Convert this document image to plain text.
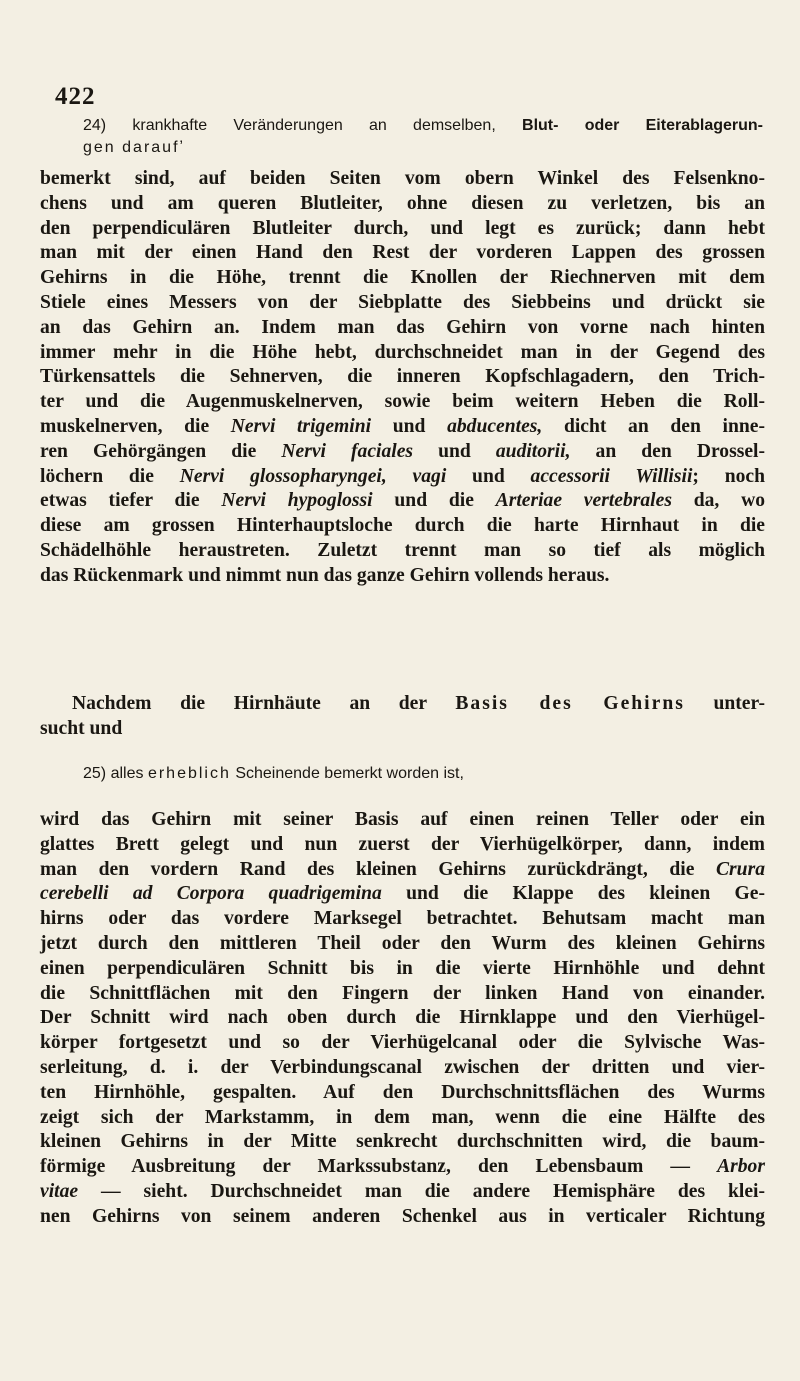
422
24) krankhafte Veränderungen an demselben, Blut- oder Eiterablagerun-
gen daraufʼ
bemerkt sind, auf beiden Seiten vom obern Winkel des Felsenkno-
chens und am queren Blutleiter, ohne diesen zu verletzen, bis an
den perpendiculären Blutleiter durch, und legt es zurück; dann hebt
man mit der einen Hand den Rest der vorderen Lappen des grossen
Gehirns in die Höhe, trennt die Knollen der Riechnerven mit dem
Stiele eines Messers von der Siebplatte des Siebbeins und drückt sie
an das Gehirn an. Indem man das Gehirn von vorne nach hinten
immer mehr in die Höhe hebt, durchschneidet man in der Gegend des
Türkensattels die Sehnerven, die inneren Kopfschlagadern, den Trich-
ter und die Augenmuskelnerven, sowie beim weitern Heben die Roll-
muskelnerven, die Nervi trigemini und abducentes, dicht an den inne-
ren Gehörgängen die Nervi faciales und auditorii, an den Drossel-
löchern die Nervi glossopharyngei, vagi und accessorii Willisii; noch
etwas tiefer die Nervi hypoglossi und die Arteriae vertebrales da, wo
diese am grossen Hinterhauptsloche durch die harte Hirnhaut in die
Schädelhöhle heraustreten. Zuletzt trennt man so tief als möglich
das Rückenmark und nimmt nun das ganze Gehirn vollends heraus.
Nachdem die Hirnhäute an der Basis des Gehirns unter-
sucht und
25) alles erheblich Scheinende bemerkt worden ist,
wird das Gehirn mit seiner Basis auf einen reinen Teller oder ein
glattes Brett gelegt und nun zuerst der Vierhügelkörper, dann, indem
man den vordern Rand des kleinen Gehirns zurückdrängt, die Crura
cerebelli ad Corpora quadrigemina und die Klappe des kleinen Ge-
hirns oder das vordere Marksegel betrachtet. Behutsam macht man
jetzt durch den mittleren Theil oder den Wurm des kleinen Gehirns
einen perpendiculären Schnitt bis in die vierte Hirnhöhle und dehnt
die Schnittflächen mit den Fingern der linken Hand von einander.
Der Schnitt wird nach oben durch die Hirnklappe und den Vierhügel-
körper fortgesetzt und so der Vierhügelcanal oder die Sylvische Was-
serleitung, d. i. der Verbindungscanal zwischen der dritten und vier-
ten Hirnhöhle, gespalten. Auf den Durchschnittsflächen des Wurms
zeigt sich der Markstamm, in dem man, wenn die eine Hälfte des
kleinen Gehirns in der Mitte senkrecht durchschnitten wird, die baum-
förmige Ausbreitung der Markssubstanz, den Lebensbaum — Arbor
vitae — sieht. Durchschneidet man die andere Hemisphäre des klei-
nen Gehirns von seinem anderen Schenkel aus in verticaler Richtung
